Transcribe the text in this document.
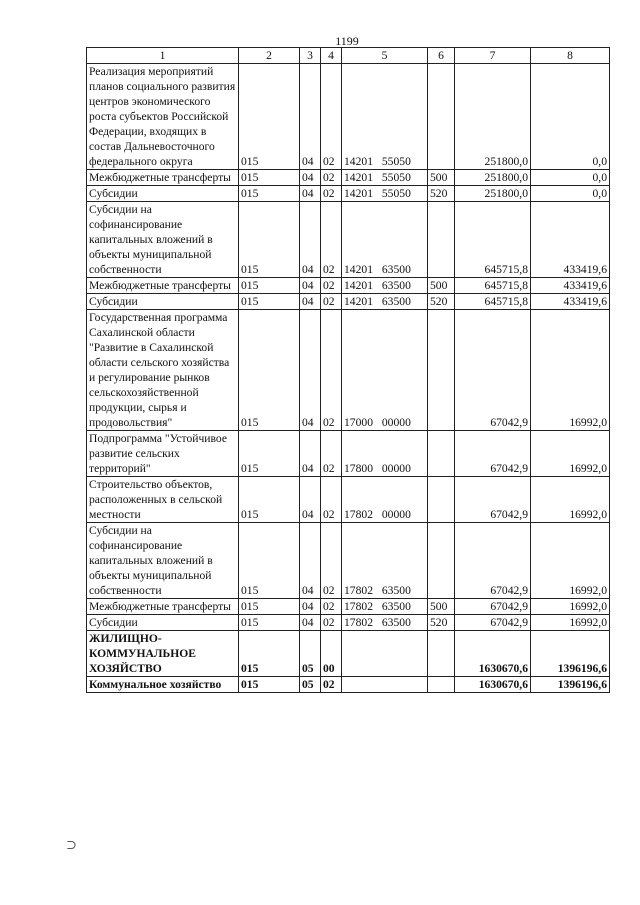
1199
1	2	3	4	5	6	7	8
Реализация мероприятий планов социального развития центров экономического роста субъектов Российской Федерации, входящих в состав Дальневосточного федерального округа	015	04	02	14201 55050		251800,0	0,0
Межбюджетные трансферты	015	04	02	14201 55050	500	251800,0	0,0
Субсидии	015	04	02	14201 55050	520	251800,0	0,0
Субсидии на софинансирование капитальных вложений в объекты муниципальной собственности	015	04	02	14201 63500		645715,8	433419,6
Межбюджетные трансферты	015	04	02	14201 63500	500	645715,8	433419,6
Субсидии	015	04	02	14201 63500	520	645715,8	433419,6
Государственная программа Сахалинской области "Развитие в Сахалинской области сельского хозяйства и регулирование рынков сельскохозяйственной продукции, сырья и продовольствия"	015	04	02	17000 00000		67042,9	16992,0
Подпрограмма "Устойчивое развитие сельских территорий"	015	04	02	17800 00000		67042,9	16992,0
Строительство объектов, расположенных в сельской местности	015	04	02	17802 00000		67042,9	16992,0
Субсидии на софинансирование капитальных вложений в объекты муниципальной собственности	015	04	02	17802 63500		67042,9	16992,0
Межбюджетные трансферты	015	04	02	17802 63500	500	67042,9	16992,0
Субсидии	015	04	02	17802 63500	520	67042,9	16992,0
ЖИЛИЩНО-КОММУНАЛЬНОЕ ХОЗЯЙСТВО	015	05	00			1630670,6	1396196,6
Коммунальное хозяйство	015	05	02			1630670,6	1396196,6
⊃
